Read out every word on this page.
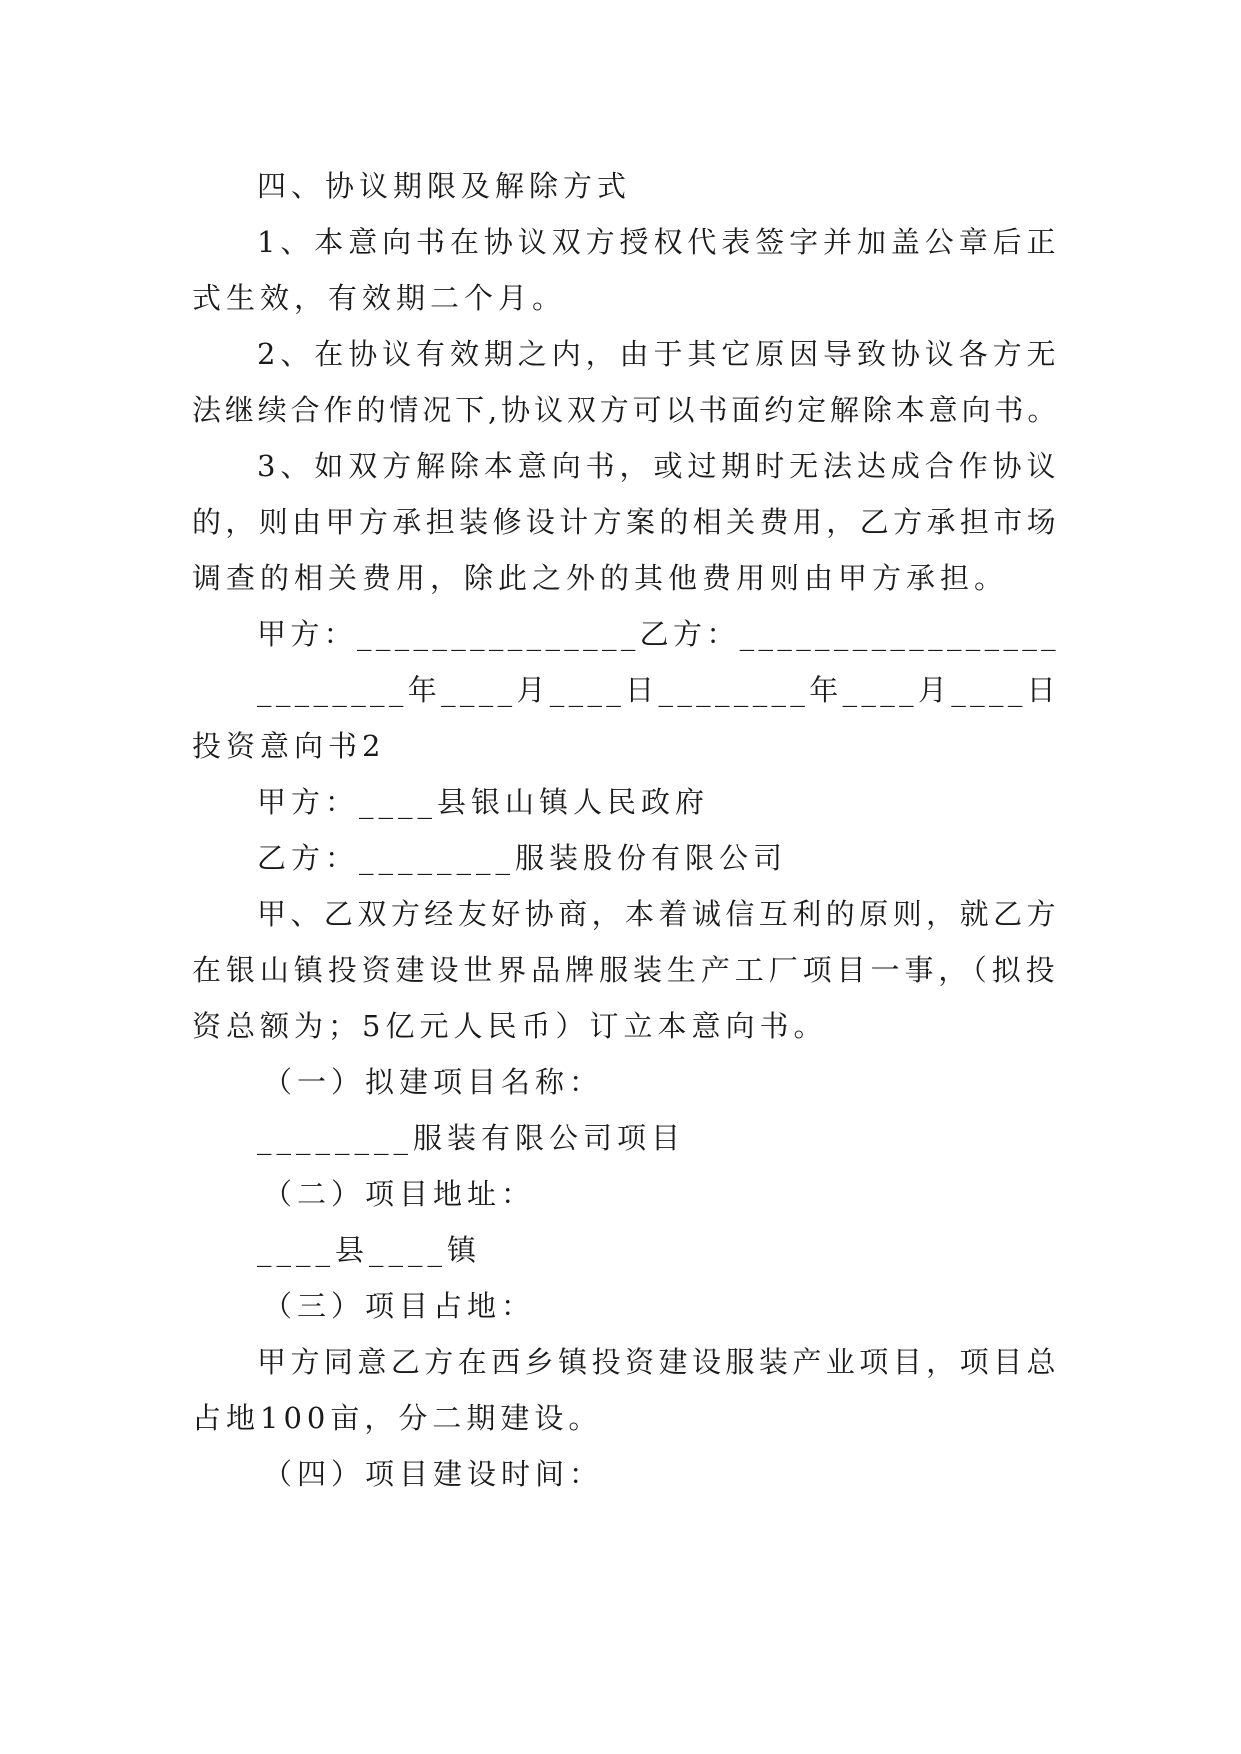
四、协议期限及解除方式
1、本意向书在协议双方授权代表签字并加盖公章后正
式生效，有效期二个月。
2、在协议有效期之内，由于其它原因导致协议各方无
法继续合作的情况下,协议双方可以书面约定解除本意向书。
3、如双方解除本意向书，或过期时无法达成合作协议
的，则由甲方承担装修设计方案的相关费用，乙方承担市场
调查的相关费用，除此之外的其他费用则由甲方承担。
甲方：_______________乙方：_________________
________年____月____日________年____月____日
投资意向书2
甲方：____县银山镇人民政府
乙方：________服装股份有限公司
甲、乙双方经友好协商，本着诚信互利的原则，就乙方
在银山镇投资建设世界品牌服装生产工厂项目一事，（拟投
资总额为；5亿元人民币）订立本意向书。
（一）拟建项目名称：
________服装有限公司项目
（二）项目地址：
____县____镇
（三）项目占地：
甲方同意乙方在西乡镇投资建设服装产业项目，项目总
占地100亩，分二期建设。
（四）项目建设时间：
